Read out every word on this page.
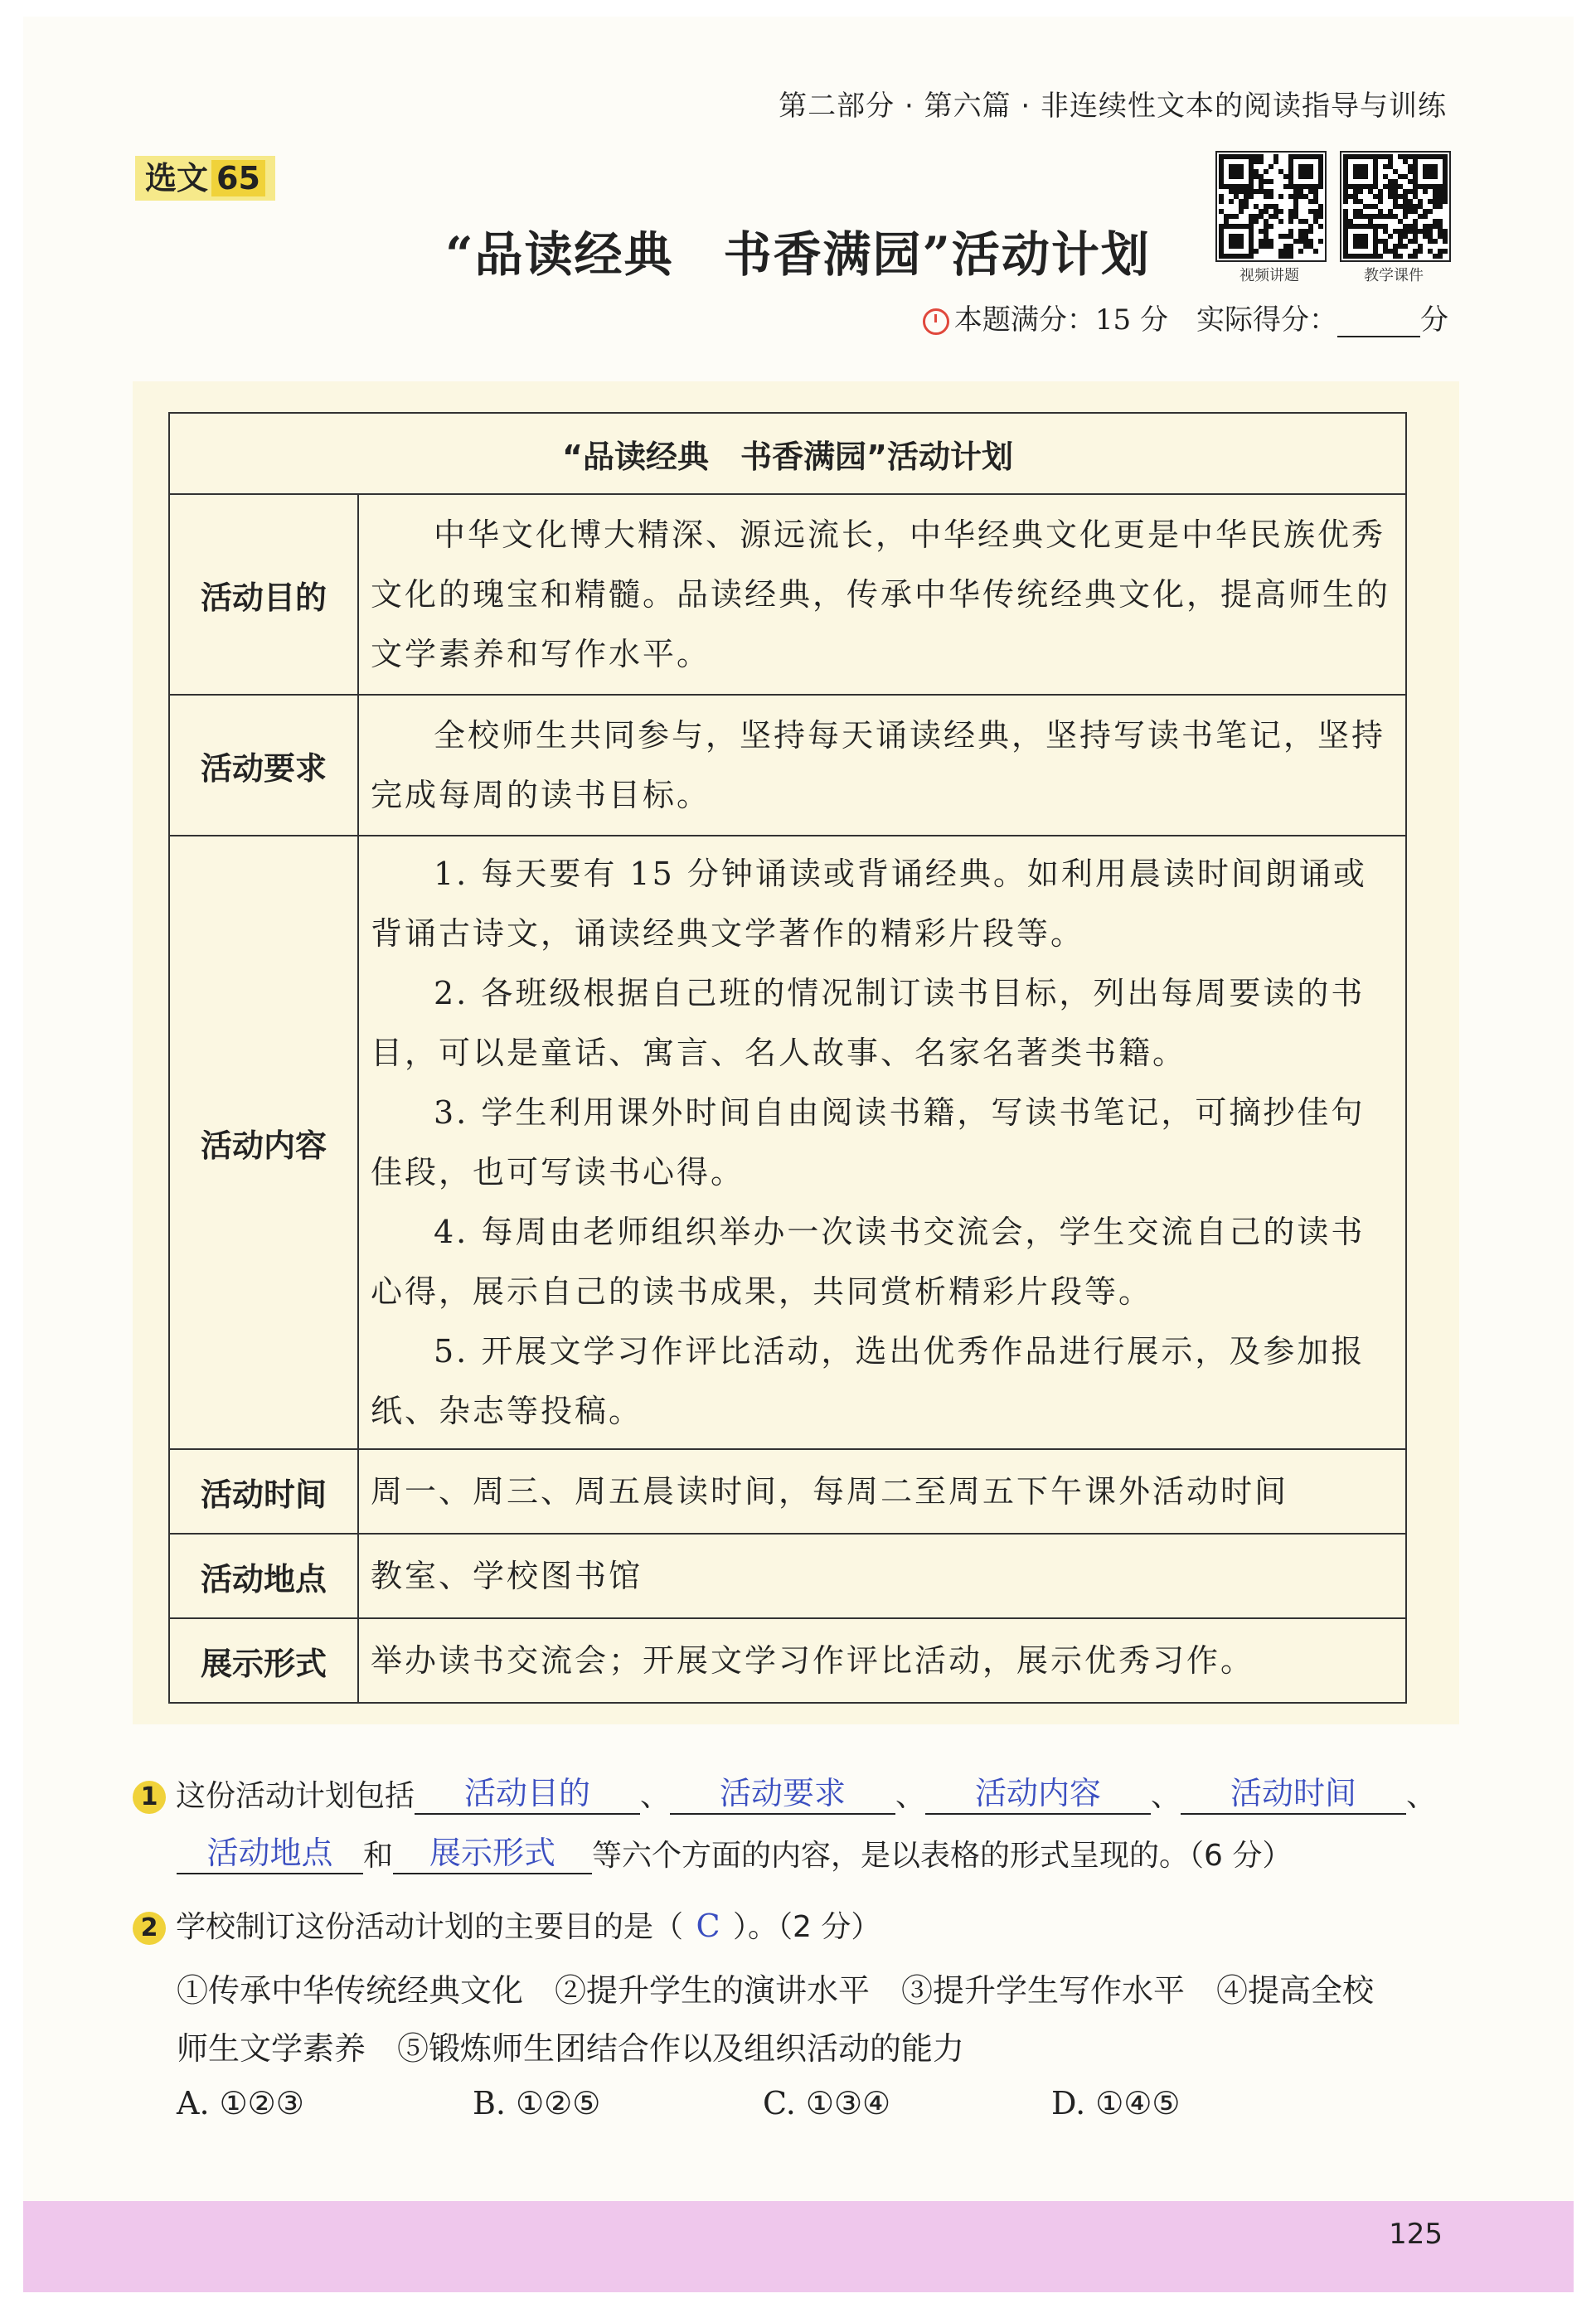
第二部分 · 第六篇 · 非连续性文本的阅读指导与训练
选文 65
视频讲题	教学课件
“品读经典　书香满园”活动计划
本题满分：15 分　 实际得分：	分
“品读经典　书香满园”活动计划	
活动目的	中华文化博大精深、源远流长，中华经典文化更是中华民族优秀文化的瑰宝和精髓。品读经典，传承中华传统经典文化，提高师生的文学素养和写作水平。

活动要求	全校师生共同参与，坚持每天诵读经典，坚持写读书笔记，坚持完成每周的读书目标。

活动内容	1. 每天要有 15 分钟诵读或背诵经典。如利用晨读时间朗诵或背诵古诗文，诵读经典文学著作的精彩片段等。

2. 各班级根据自己班的情况制订读书目标，列出每周要读的书目，可以是童话、寓言、名人故事、名家名著类书籍。

3. 学生利用课外时间自由阅读书籍，写读书笔记，可摘抄佳句佳段，也可写读书心得。

4. 每周由老师组织举办一次读书交流会，学生交流自己的读书心得，展示自己的读书成果，共同赏析精彩片段等。

5. 开展文学习作评比活动，选出优秀作品进行展示，及参加报纸、杂志等投稿。

活动时间	周一、周三、周五晨读时间，每周二至周五下午课外活动时间

活动地点	教室、学校图书馆

展示形式	举办读书交流会；开展文学习作评比活动，展示优秀习作。

1 这份活动计划包括 活动目的 、 活动要求 、 活动内容 、 活动时间 、
活动地点 和 展示形式 等六个方面的内容，是以表格的形式呈现的。（6 分）
2 学校制订这份活动计划的主要目的是（ C ）。（2 分）
①传承中华传统经典文化　②提升学生的演讲水平　③提升学生写作水平　④提高全校
师生文学素养　⑤锻炼师生团结合作以及组织活动的能力
A. ①②③	B. ①②⑤	C. ①③④	D. ①④⑤
125
